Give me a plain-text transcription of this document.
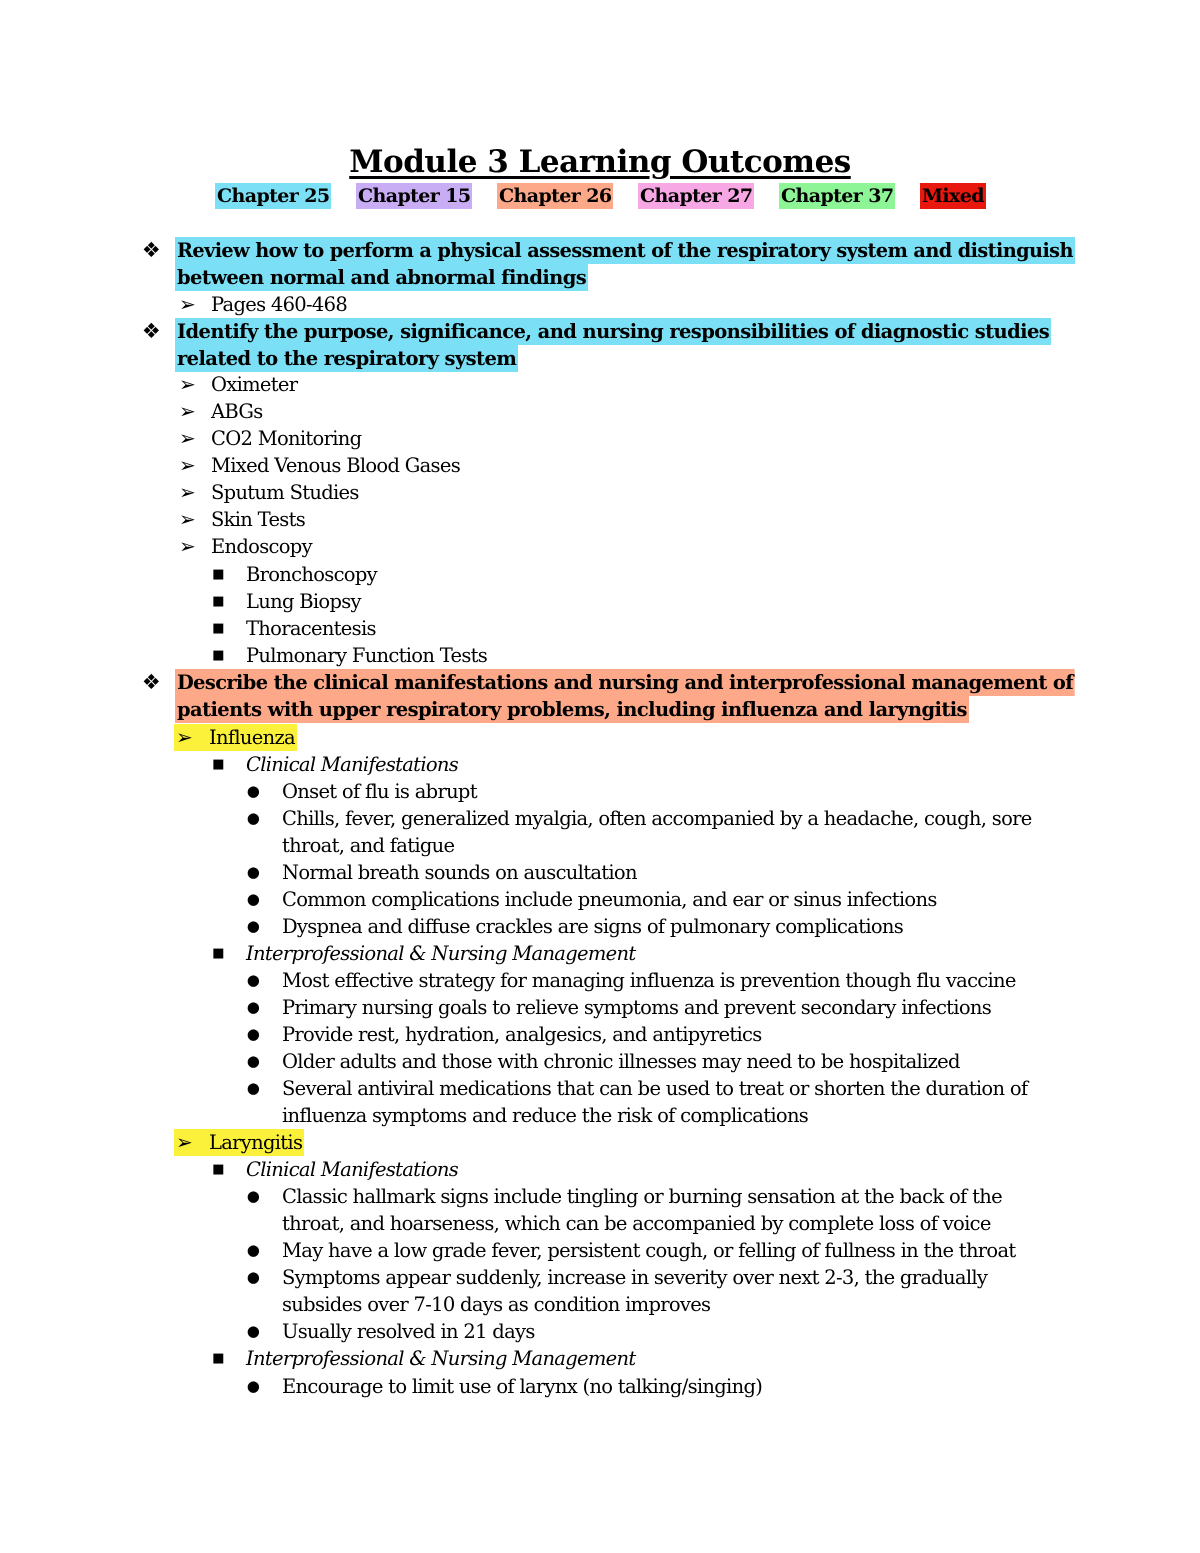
Module 3 Learning Outcomes
Chapter 25 Chapter 15 Chapter 26 Chapter 27 Chapter 37 Mixed
❖ Review how to perform a physical assessment of the respiratory system and distinguish
between normal and abnormal findings
➢ Pages 460-468
❖ Identify the purpose, significance, and nursing responsibilities of diagnostic studies
related to the respiratory system
➢ Oximeter
➢ ABGs
➢ CO2 Monitoring
➢ Mixed Venous Blood Gases
➢ Sputum Studies
➢ Skin Tests
➢ Endoscopy
■ Bronchoscopy
■ Lung Biopsy
■ Thoracentesis
■ Pulmonary Function Tests
❖ Describe the clinical manifestations and nursing and interprofessional management of
patients with upper respiratory problems, including influenza and laryngitis
➢ Influenza
■ Clinical Manifestations
● Onset of flu is abrupt
● Chills, fever, generalized myalgia, often accompanied by a headache, cough, sore
throat, and fatigue
● Normal breath sounds on auscultation
● Common complications include pneumonia, and ear or sinus infections
● Dyspnea and diffuse crackles are signs of pulmonary complications
■ Interprofessional & Nursing Management
● Most effective strategy for managing influenza is prevention though flu vaccine
● Primary nursing goals to relieve symptoms and prevent secondary infections
● Provide rest, hydration, analgesics, and antipyretics
● Older adults and those with chronic illnesses may need to be hospitalized
● Several antiviral medications that can be used to treat or shorten the duration of
influenza symptoms and reduce the risk of complications
➢ Laryngitis
■ Clinical Manifestations
● Classic hallmark signs include tingling or burning sensation at the back of the
throat, and hoarseness, which can be accompanied by complete loss of voice
● May have a low grade fever, persistent cough, or felling of fullness in the throat
● Symptoms appear suddenly, increase in severity over next 2-3, the gradually
subsides over 7-10 days as condition improves
● Usually resolved in 21 days
■ Interprofessional & Nursing Management
● Encourage to limit use of larynx (no talking/singing)
